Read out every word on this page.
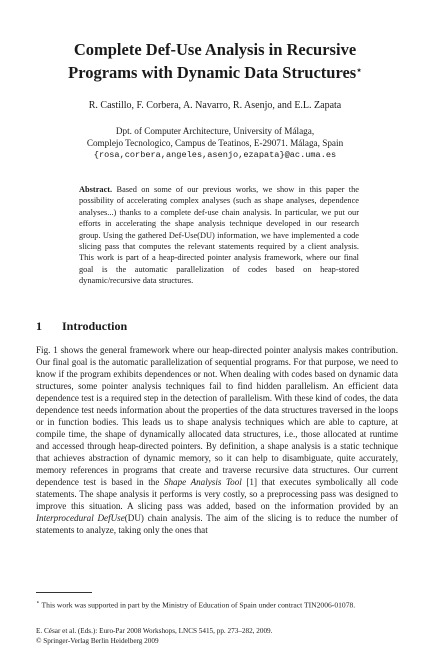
Complete Def-Use Analysis in Recursive
Programs with Dynamic Data Structures⋆
R. Castillo, F. Corbera, A. Navarro, R. Asenjo, and E.L. Zapata
Dpt. of Computer Architecture, University of Málaga,
Complejo Tecnologico, Campus de Teatinos, E-29071. Málaga, Spain
{rosa,corbera,angeles,asenjo,ezapata}@ac.uma.es
Abstract. Based on some of our previous works, we show in this paper the possibility of accelerating complex analyses (such as shape analyses, dependence analyses...) thanks to a complete def-use chain analysis. In particular, we put our efforts in accelerating the shape analysis technique developed in our research group. Using the gathered Def-Use(DU) information, we have implemented a code slicing pass that computes the relevant statements required by a client analysis. This work is part of a heap-directed pointer analysis framework, where our final goal is the automatic parallelization of codes based on heap-stored dynamic/recursive data structures.
1 Introduction
Fig. 1 shows the general framework where our heap-directed pointer analysis makes contribution. Our final goal is the automatic parallelization of sequential programs. For that purpose, we need to know if the program exhibits dependences or not. When dealing with codes based on dynamic data structures, some pointer analysis techniques fail to find hidden parallelism. An efficient data dependence test is a required step in the detection of parallelism. With these kind of codes, the data dependence test needs information about the properties of the data structures traversed in the loops or in function bodies. This leads us to shape analysis techniques which are able to capture, at compile time, the shape of dynamically allocated data structures, i.e., those allocated at runtime and accessed through heap-directed pointers. By definition, a shape analysis is a static technique that achieves abstraction of dynamic memory, so it can help to disambiguate, quite accurately, memory references in programs that create and traverse recursive data structures. Our current dependence test is based in the Shape Analysis Tool [1] that executes symbolically all code statements. The shape analysis it performs is very costly, so a preprocessing pass was designed to improve this situation. A slicing pass was added, based on the information provided by an Interprocedural DefUse(DU) chain analysis. The aim of the slicing is to reduce the number of statements to analyze, taking only the ones that
⋆ This work was supported in part by the Ministry of Education of Spain under contract TIN2006-01078.
E. César et al. (Eds.): Euro-Par 2008 Workshops, LNCS 5415, pp. 273–282, 2009.
© Springer-Verlag Berlin Heidelberg 2009
